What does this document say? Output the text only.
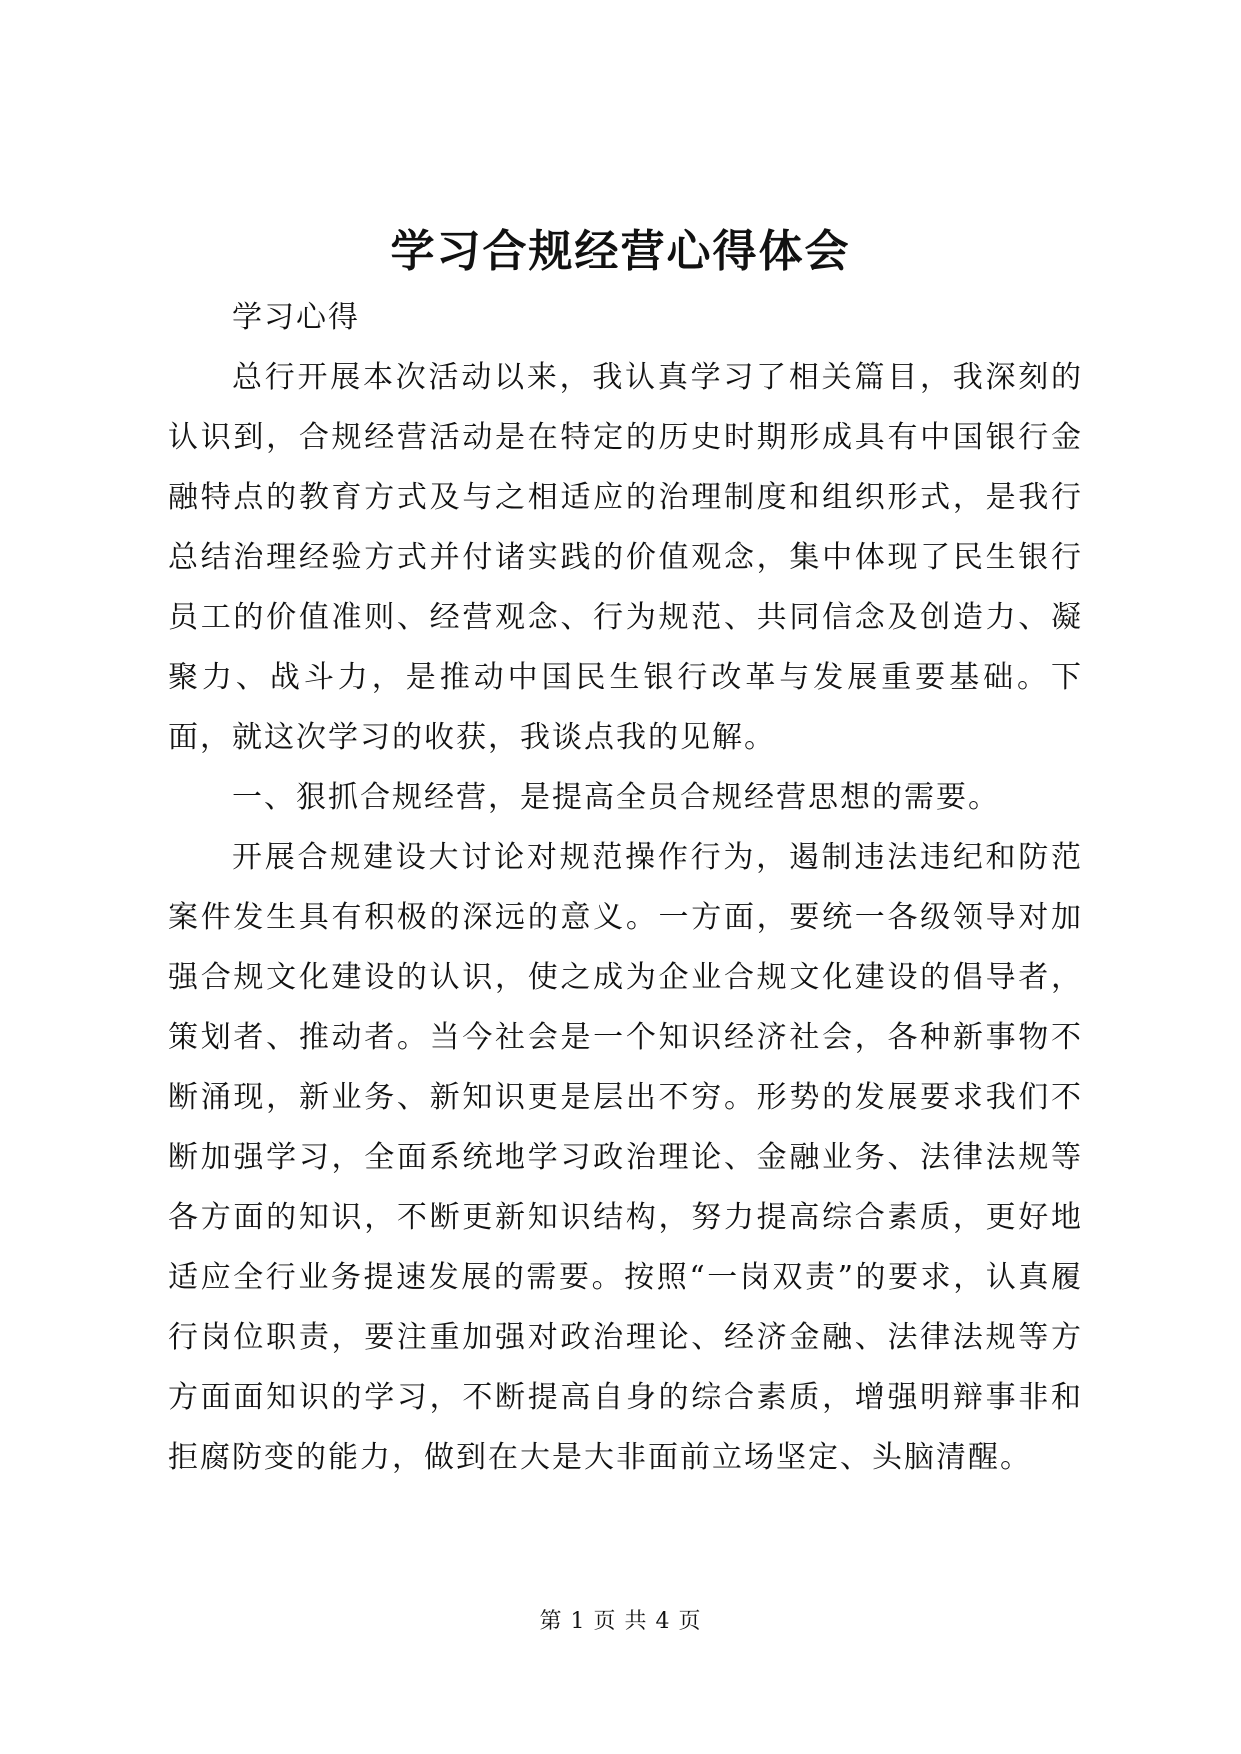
学习合规经营心得体会

学习心得

总行开展本次活动以来，我认真学习了相关篇目，我深刻的认识到，合规经营活动是在特定的历史时期形成具有中国银行金融特点的教育方式及与之相适应的治理制度和组织形式，是我行总结治理经验方式并付诸实践的价值观念，集中体现了民生银行员工的价值准则、经营观念、行为规范、共同信念及创造力、凝聚力、战斗力，是推动中国民生银行改革与发展重要基础。下面，就这次学习的收获，我谈点我的见解。

一、狠抓合规经营，是提高全员合规经营思想的需要。

开展合规建设大讨论对规范操作行为，遏制违法违纪和防范案件发生具有积极的深远的意义。一方面，要统一各级领导对加强合规文化建设的认识，使之成为企业合规文化建设的倡导者，策划者、推动者。当今社会是一个知识经济社会，各种新事物不断涌现，新业务、新知识更是层出不穷。形势的发展要求我们不断加强学习，全面系统地学习政治理论、金融业务、法律法规等各方面的知识，不断更新知识结构，努力提高综合素质，更好地适应全行业务提速发展的需要。按照“一岗双责”的要求，认真履行岗位职责，要注重加强对政治理论、经济金融、法律法规等方方面面知识的学习，不断提高自身的综合素质，增强明辩事非和拒腐防变的能力，做到在大是大非面前立场坚定、头脑清醒。

第 1 页 共 4 页
